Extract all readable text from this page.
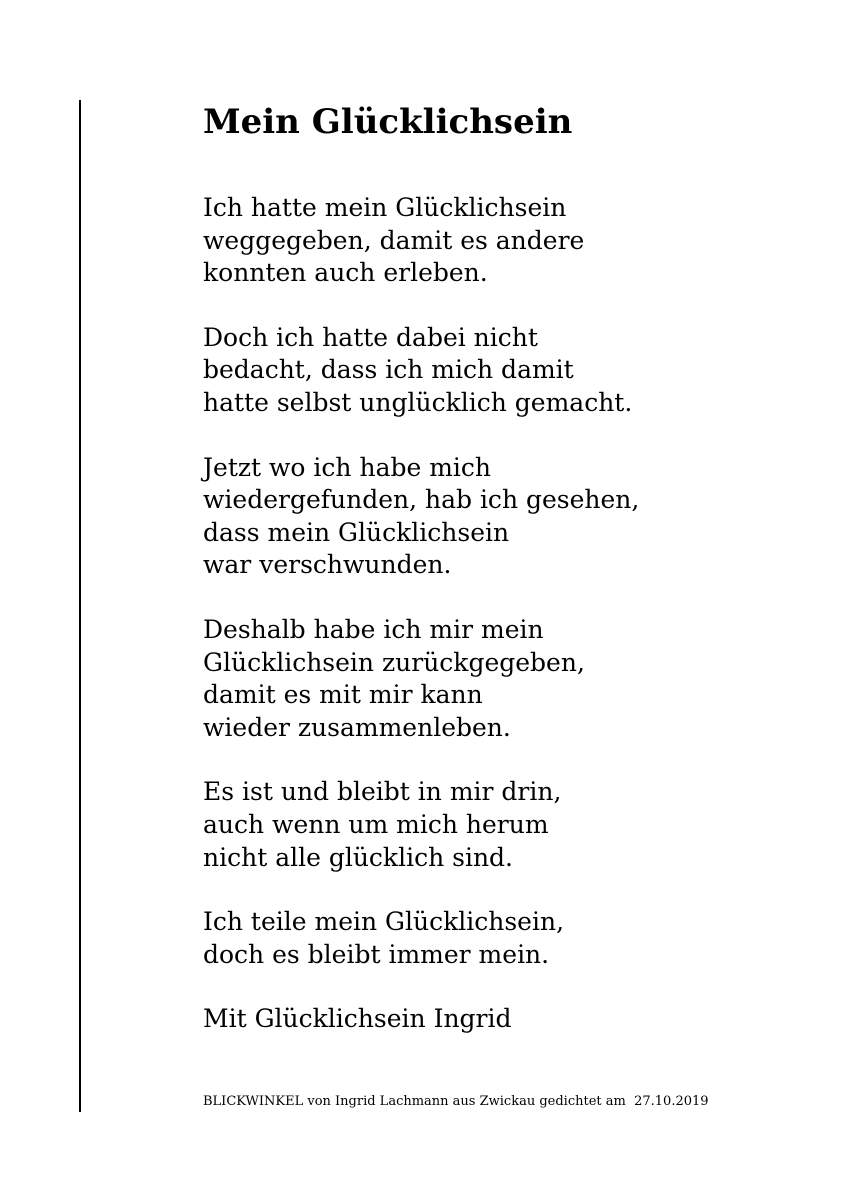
Mein Glücklichsein
Ich hatte mein Glücklichsein
weggegeben, damit es andere
konnten auch erleben.
Doch ich hatte dabei nicht
bedacht, dass ich mich damit
hatte selbst unglücklich gemacht.
Jetzt wo ich habe mich
wiedergefunden, hab ich gesehen,
dass mein Glücklichsein
war verschwunden.
Deshalb habe ich mir mein
Glücklichsein zurückgegeben,
damit es mit mir kann
wieder zusammenleben.
Es ist und bleibt in mir drin,
auch wenn um mich herum
nicht alle glücklich sind.
Ich teile mein Glücklichsein,
doch es bleibt immer mein.

Mit Glücklichsein Ingrid

BLICKWINKEL von Ingrid Lachmann aus Zwickau gedichtet am  27.10.2019
